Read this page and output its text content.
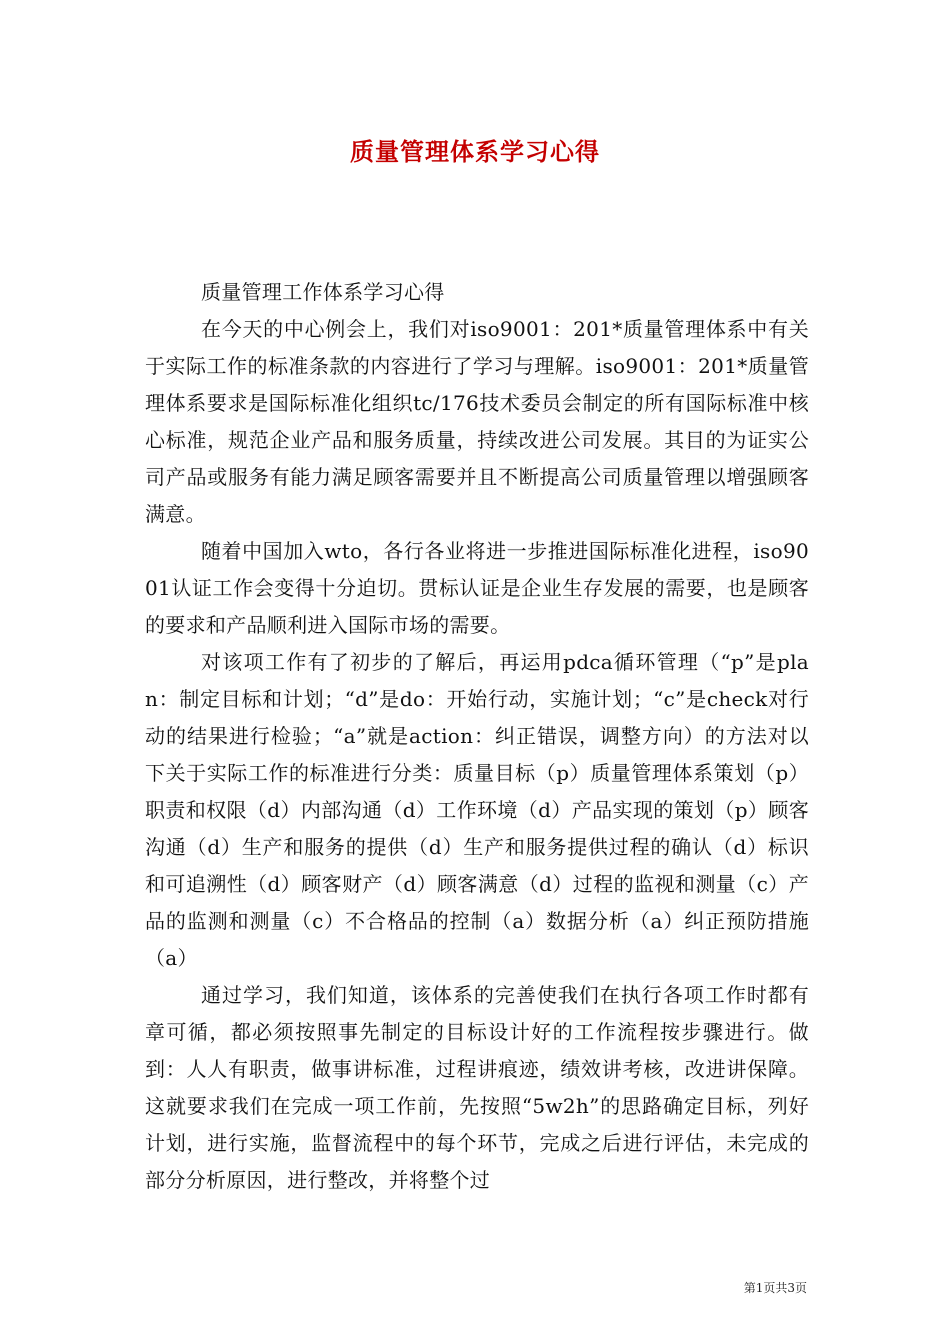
质量管理体系学习心得

质量管理工作体系学习心得

在今天的中心例会上，我们对iso9001：201*质量管理体系中有关于实际工作的标准条款的内容进行了学习与理解。iso9001：201*质量管理体系要求是国际标准化组织tc/176技术委员会制定的所有国际标准中核心标准，规范企业产品和服务质量，持续改进公司发展。其目的为证实公司产品或服务有能力满足顾客需要并且不断提高公司质量管理以增强顾客满意。

随着中国加入wto，各行各业将进一步推进国际标准化进程，iso9001认证工作会变得十分迫切。贯标认证是企业生存发展的需要，也是顾客的要求和产品顺利进入国际市场的需要。

对该项工作有了初步的了解后，再运用pdca循环管理（“p”是plan：制定目标和计划；“d”是do：开始行动，实施计划；“c”是check对行动的结果进行检验；“a”就是action：纠正错误，调整方向）的方法对以下关于实际工作的标准进行分类：质量目标（p）质量管理体系策划（p）职责和权限（d）内部沟通（d）工作环境（d）产品实现的策划（p）顾客沟通（d）生产和服务的提供（d）生产和服务提供过程的确认（d）标识和可追溯性（d）顾客财产（d）顾客满意（d）过程的监视和测量（c）产品的监测和测量（c）不合格品的控制（a）数据分析（a）纠正预防措施（a）

通过学习，我们知道，该体系的完善使我们在执行各项工作时都有章可循，都必须按照事先制定的目标设计好的工作流程按步骤进行。做到：人人有职责，做事讲标准，过程讲痕迹，绩效讲考核，改进讲保障。这就要求我们在完成一项工作前，先按照“5w2h”的思路确定目标，列好计划，进行实施，监督流程中的每个环节，完成之后进行评估，未完成的部分分析原因，进行整改，并将整个过

第1页共3页
